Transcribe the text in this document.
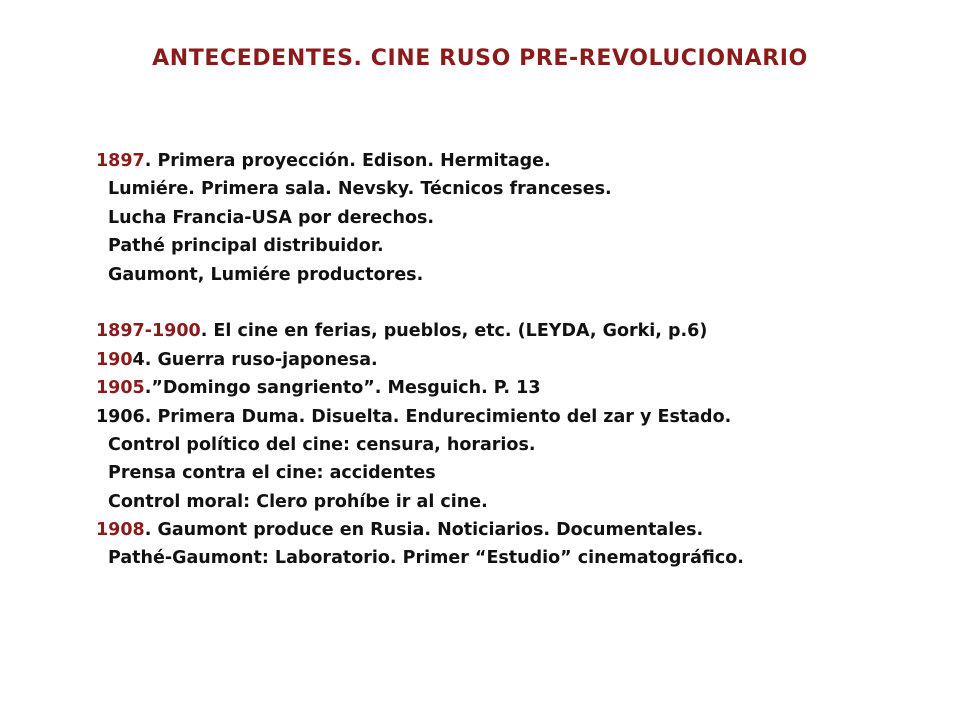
ANTECEDENTES. CINE RUSO PRE-REVOLUCIONARIO
1897. Primera proyección. Edison. Hermitage.
Lumiére. Primera sala. Nevsky. Técnicos franceses.
Lucha Francia-USA por derechos.
Pathé principal distribuidor.
Gaumont, Lumiére productores.
1897-1900. El cine en ferias, pueblos, etc. (LEYDA, Gorki, p.6)
1904. Guerra ruso-japonesa.
1905.”Domingo sangriento”. Mesguich. P. 13
1906. Primera Duma. Disuelta. Endurecimiento del zar y Estado.
Control político del cine: censura, horarios.
Prensa contra el cine: accidentes
Control moral: Clero prohíbe ir al cine.
1908. Gaumont produce en Rusia. Noticiarios. Documentales.
Pathé-Gaumont: Laboratorio. Primer “Estudio” cinematográfico.
